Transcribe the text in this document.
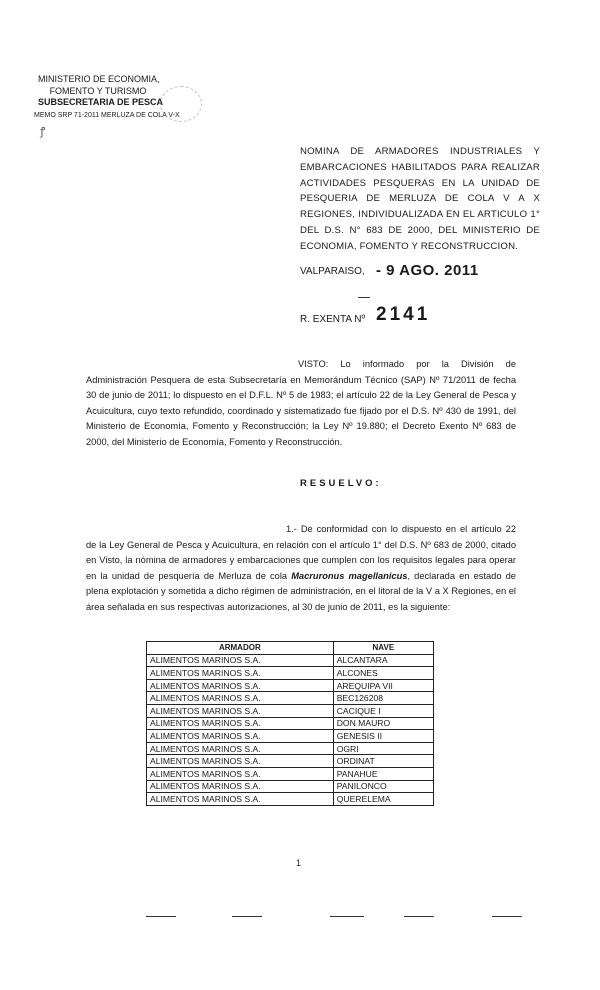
MINISTERIO DE ECONOMIA,
FOMENTO Y TURISMO
SUBSECRETARIA DE PESCA
MEMO SRP 71-2011 MERLUZA DE COLA V-X
ꝭ
NOMINA DE ARMADORES INDUSTRIALES Y EMBARCACIONES HABILITADOS PARA REALIZAR ACTIVIDADES PESQUERAS EN LA UNIDAD DE PESQUERIA DE MERLUZA DE COLA V A X REGIONES, INDIVIDUALIZADA EN EL ARTICULO 1° DEL D.S. N° 683 DE 2000, DEL MINISTERIO DE ECONOMIA, FOMENTO Y RECONSTRUCCION.
VALPARAISO, - 9 AGO. 2011
R. EXENTA Nº 2141
VISTO: Lo informado por la División de Administración Pesquera de esta Subsecretaría en Memorándum Técnico (SAP) Nº 71/2011 de fecha 30 de junio de 2011; lo dispuesto en el D.F.L. Nº 5 de 1983; el artículo 22 de la Ley General de Pesca y Acuicultura, cuyo texto refundido, coordinado y sistematizado fue fijado por el D.S. Nº 430 de 1991, del Ministerio de Economía, Fomento y Reconstrucción; la Ley Nº 19.880; el Decreto Exento Nº 683 de 2000, del Ministerio de Economía, Fomento y Reconstrucción.
RESUELVO:
1.- De conformidad con lo dispuesto en el artículo 22 de la Ley General de Pesca y Acuicultura, en relación con el artículo 1° del D.S. Nº 683 de 2000, citado en Visto, la nómina de armadores y embarcaciones que cumplen con los requisitos legales para operar en la unidad de pesquería de Merluza de cola Macruronus magellanicus, declarada en estado de plena explotación y sometida a dicho régimen de administración, en el litoral de la V a X Regiones, en el área señalada en sus respectivas autorizaciones, al 30 de junio de 2011, es la siguiente:
ARMADOR	NAVE
ALIMENTOS MARINOS S.A.	ALCANTARA
ALIMENTOS MARINOS S.A.	ALCONES
ALIMENTOS MARINOS S.A.	AREQUIPA VII
ALIMENTOS MARINOS S.A.	BEC126208
ALIMENTOS MARINOS S.A.	CACIQUE I
ALIMENTOS MARINOS S.A.	DON MAURO
ALIMENTOS MARINOS S.A.	GENESIS II
ALIMENTOS MARINOS S.A.	OGRI
ALIMENTOS MARINOS S.A.	ORDINAT
ALIMENTOS MARINOS S.A.	PANAHUE
ALIMENTOS MARINOS S.A.	PANILONCO
ALIMENTOS MARINOS S.A.	QUERELEMA
1
